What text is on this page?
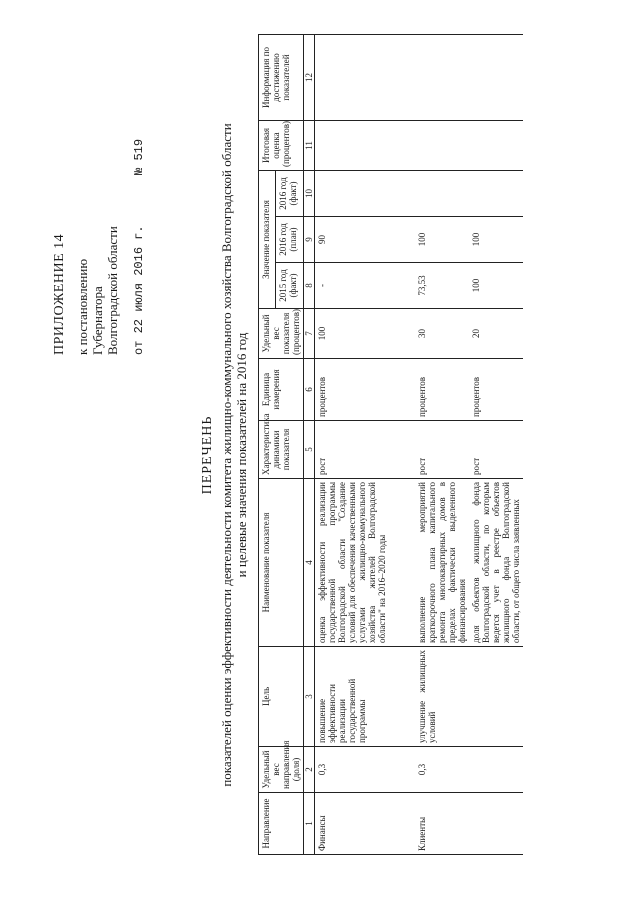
ПРИЛОЖЕНИЕ 14 к постановлению Губернатора Волгоградской области от 22 июля 2016 г.  № 519
ПЕРЕЧЕНЬ показателей оценки эффективности деятельности комитета жилищно-коммунального хозяйства Волгоградской области и целевые значения показателей на 2016 год
Направление	Удельный вес направления (доля)	Цель	Наименование показателя	Характеристика динамики показателя	Единица измерения	Удельный вес показателя (процентов)	Значение показателя			Итоговая оценка (процентов)	Информация по достижению показателей
							2015 год (факт)	2016 год (план)	2016 год (факт)		
1	2	3	4	5	6	7	8	9	10	11	12
Финансы	0,3	повышение эффективности реализации государственной программы	оценка эффективности реализации государственной программы Волгоградской области "Создание условий для обеспечения качественными услугами жилищно-коммунального хозяйства жителей Волгоградской области" на 2016–2020 годы	рост	процентов	100	-	90			
Клиенты	0,3	улучшение жилищных условий	выполнение мероприятий краткосрочного плана капитального ремонта многоквартирных домов в пределах фактически выделенного финансирования	рост	процентов	30	73,53	100			
			доля объектов жилищного фонда Волгоградской области, по которым ведется учет в реестре объектов жилищного фонда Волгоградской области, от общего числа заявленных	рост	процентов	20	100	100			
